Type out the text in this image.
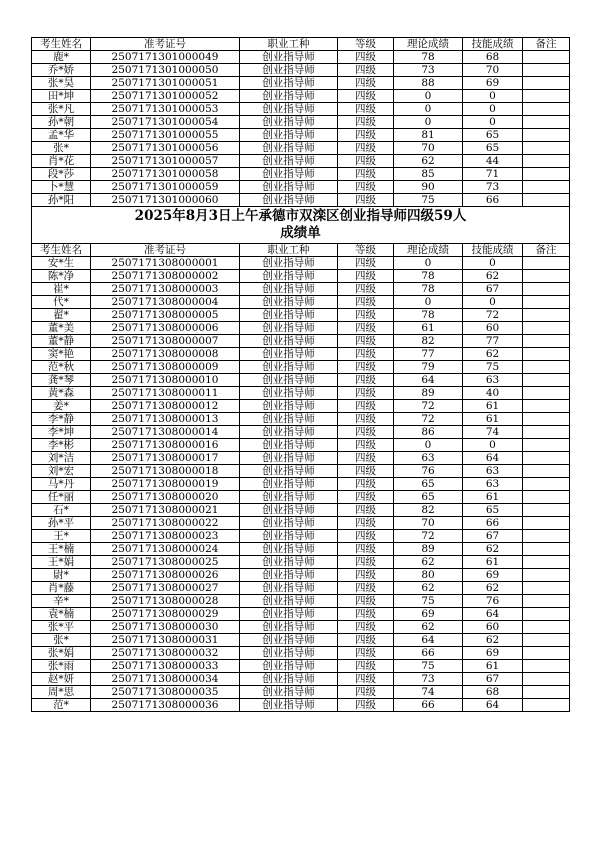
考生姓名	准考证号	职业工种	等级	理论成绩	技能成绩	备注
鹿*	2507171301000049	创业指导师	四级	78	68	
乔*娇	2507171301000050	创业指导师	四级	73	70	
张*昊	2507171301000051	创业指导师	四级	88	69	
田*坤	2507171301000052	创业指导师	四级	0	0	
张*凡	2507171301000053	创业指导师	四级	0	0	
孙*朝	2507171301000054	创业指导师	四级	0	0	
孟*华	2507171301000055	创业指导师	四级	81	65	
张*	2507171301000056	创业指导师	四级	70	65	
肖*花	2507171301000057	创业指导师	四级	62	44	
段*莎	2507171301000058	创业指导师	四级	85	71	
卜*慧	2507171301000059	创业指导师	四级	90	73	
孙*阳	2507171301000060	创业指导师	四级	75	66	

2025年8月3日上午承德市双滦区创业指导师四级59人
成绩单						

考生姓名	准考证号	职业工种	等级	理论成绩	技能成绩	备注
安*生	2507171308000001	创业指导师	四级	0	0	
陈*净	2507171308000002	创业指导师	四级	78	62	
崔*	2507171308000003	创业指导师	四级	78	67	
代*	2507171308000004	创业指导师	四级	0	0	
翟*	2507171308000005	创业指导师	四级	78	72	
董*美	2507171308000006	创业指导师	四级	61	60	
董*静	2507171308000007	创业指导师	四级	82	77	
窦*艳	2507171308000008	创业指导师	四级	77	62	
范*秋	2507171308000009	创业指导师	四级	79	75	
龚*琴	2507171308000010	创业指导师	四级	64	63	
黄*森	2507171308000011	创业指导师	四级	89	40	
姜*	2507171308000012	创业指导师	四级	72	61	
李*静	2507171308000013	创业指导师	四级	72	61	
李*坤	2507171308000014	创业指导师	四级	86	74	
李*彬	2507171308000016	创业指导师	四级	0	0	
刘*洁	2507171308000017	创业指导师	四级	63	64	
刘*宏	2507171308000018	创业指导师	四级	76	63	
马*丹	2507171308000019	创业指导师	四级	65	63	
任*丽	2507171308000020	创业指导师	四级	65	61	
石*	2507171308000021	创业指导师	四级	82	65	
孙*平	2507171308000022	创业指导师	四级	70	66	
王*	2507171308000023	创业指导师	四级	72	67	
王*楠	2507171308000024	创业指导师	四级	89	62	
王*娟	2507171308000025	创业指导师	四级	62	61	
尉*	2507171308000026	创业指导师	四级	80	69	
肖*藤	2507171308000027	创业指导师	四级	62	62	
辛*	2507171308000028	创业指导师	四级	75	76	
袁*楠	2507171308000029	创业指导师	四级	69	64	
张*平	2507171308000030	创业指导师	四级	62	60	
张*	2507171308000031	创业指导师	四级	64	62	
张*娟	2507171308000032	创业指导师	四级	66	69	
张*雨	2507171308000033	创业指导师	四级	75	61	
赵*妍	2507171308000034	创业指导师	四级	73	67	
周*思	2507171308000035	创业指导师	四级	74	68	
范*	2507171308000036	创业指导师	四级	66	64	
